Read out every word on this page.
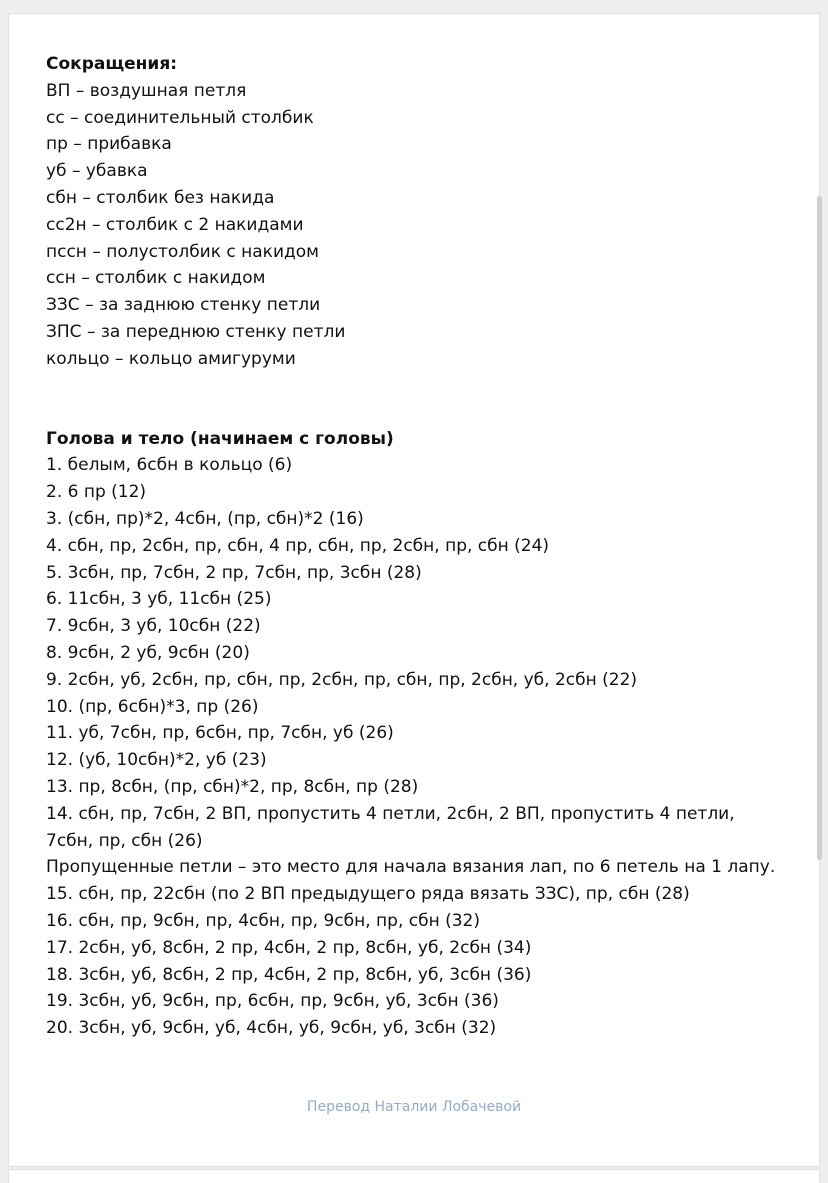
Сокращения:
ВП – воздушная петля
сс – соединительный столбик
пр – прибавка
уб – убавка
сбн – столбик без накида
сс2н – столбик с 2 накидами
пссн – полустолбик с накидом
ссн – столбик с накидом
ЗЗС – за заднюю стенку петли
ЗПС – за переднюю стенку петли
кольцо – кольцо амигуруми
Голова и тело (начинаем с головы)
1. белым, 6сбн в кольцо (6)
2. 6 пр (12)
3. (сбн, пр)*2, 4сбн, (пр, сбн)*2 (16)
4. сбн, пр, 2сбн, пр, сбн, 4 пр, сбн, пр, 2сбн, пр, сбн (24)
5. 3сбн, пр, 7сбн, 2 пр, 7сбн, пр, 3сбн (28)
6. 11сбн, 3 уб, 11сбн (25)
7. 9сбн, 3 уб, 10сбн (22)
8. 9сбн, 2 уб, 9сбн (20)
9. 2сбн, уб, 2сбн, пр, сбн, пр, 2сбн, пр, сбн, пр, 2сбн, уб, 2сбн (22)
10. (пр, 6сбн)*3, пр (26)
11. уб, 7сбн, пр, 6сбн, пр, 7сбн, уб (26)
12. (уб, 10сбн)*2, уб (23)
13. пр, 8сбн, (пр, сбн)*2, пр, 8сбн, пр (28)
14. сбн, пр, 7сбн, 2 ВП, пропустить 4 петли, 2сбн, 2 ВП, пропустить 4 петли, 7сбн, пр, сбн (26)
Пропущенные петли – это место для начала вязания лап, по 6 петель на 1 лапу.
15. сбн, пр, 22сбн (по 2 ВП предыдущего ряда вязать ЗЗС), пр, сбн (28)
16. сбн, пр, 9сбн, пр, 4сбн, пр, 9сбн, пр, сбн (32)
17. 2сбн, уб, 8сбн, 2 пр, 4сбн, 2 пр, 8сбн, уб, 2сбн (34)
18. 3сбн, уб, 8сбн, 2 пр, 4сбн, 2 пр, 8сбн, уб, 3сбн (36)
19. 3сбн, уб, 9сбн, пр, 6сбн, пр, 9сбн, уб, 3сбн (36)
20. 3сбн, уб, 9сбн, уб, 4сбн, уб, 9сбн, уб, 3сбн (32)
Перевод Наталии Лобачевой
